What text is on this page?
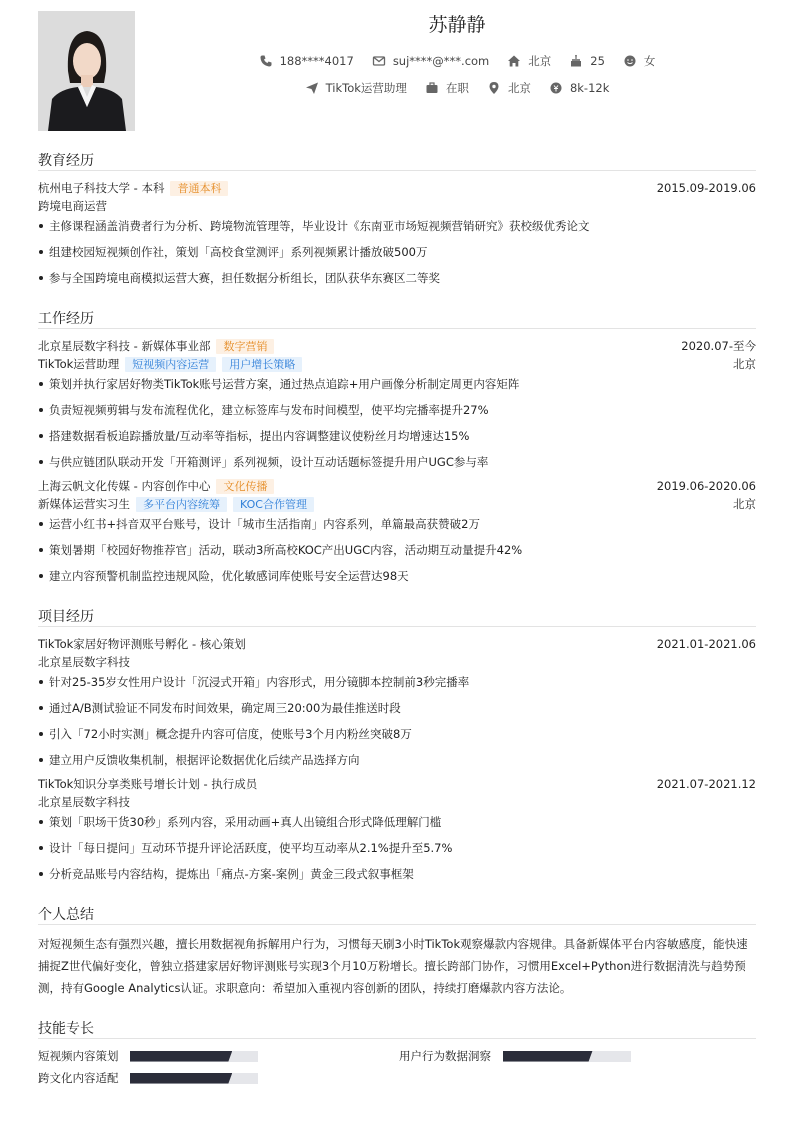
苏静静
188****4017	suj****@***.com	北京	25	女
TikTok运营助理	在职	北京	8k-12k
教育经历
杭州电子科技大学 - 本科	普通本科	2015.09-2019.06
跨境电商运营
主修课程涵盖消费者行为分析、跨境物流管理等，毕业设计《东南亚市场短视频营销研究》获校级优秀论文
组建校园短视频创作社，策划「高校食堂测评」系列视频累计播放破500万
参与全国跨境电商模拟运营大赛，担任数据分析组长，团队获华东赛区二等奖
工作经历
北京星辰数字科技 - 新媒体事业部	数字营销	2020.07-至今
TikTok运营助理	短视频内容运营	用户增长策略	北京
策划并执行家居好物类TikTok账号运营方案，通过热点追踪+用户画像分析制定周更内容矩阵
负责短视频剪辑与发布流程优化，建立标签库与发布时间模型，使平均完播率提升27%
搭建数据看板追踪播放量/互动率等指标，提出内容调整建议使粉丝月均增速达15%
与供应链团队联动开发「开箱测评」系列视频，设计互动话题标签提升用户UGC参与率
上海云帆文化传媒 - 内容创作中心	文化传播	2019.06-2020.06
新媒体运营实习生	多平台内容统筹	KOC合作管理	北京
运营小红书+抖音双平台账号，设计「城市生活指南」内容系列，单篇最高获赞破2万
策划暑期「校园好物推荐官」活动，联动3所高校KOC产出UGC内容，活动期互动量提升42%
建立内容预警机制监控违规风险，优化敏感词库使账号安全运营达98天
项目经历
TikTok家居好物评测账号孵化 - 核心策划	2021.01-2021.06
北京星辰数字科技
针对25-35岁女性用户设计「沉浸式开箱」内容形式，用分镜脚本控制前3秒完播率
通过A/B测试验证不同发布时间效果，确定周三20:00为最佳推送时段
引入「72小时实测」概念提升内容可信度，使账号3个月内粉丝突破8万
建立用户反馈收集机制，根据评论数据优化后续产品选择方向
TikTok知识分享类账号增长计划 - 执行成员	2021.07-2021.12
北京星辰数字科技
策划「职场干货30秒」系列内容，采用动画+真人出镜组合形式降低理解门槛
设计「每日提问」互动环节提升评论活跃度，使平均互动率从2.1%提升至5.7%
分析竞品账号内容结构，提炼出「痛点-方案-案例」黄金三段式叙事框架
个人总结
对短视频生态有强烈兴趣，擅长用数据视角拆解用户行为，习惯每天刷3小时TikTok观察爆款内容规律。具备新媒体平台内容敏感度，能快速捕捉Z世代偏好变化，曾独立搭建家居好物评测账号实现3个月10万粉增长。擅长跨部门协作，习惯用Excel+Python进行数据清洗与趋势预测，持有Google Analytics认证。求职意向：希望加入重视内容创新的团队，持续打磨爆款内容方法论。
技能专长
短视频内容策划	用户行为数据洞察
跨文化内容适配
